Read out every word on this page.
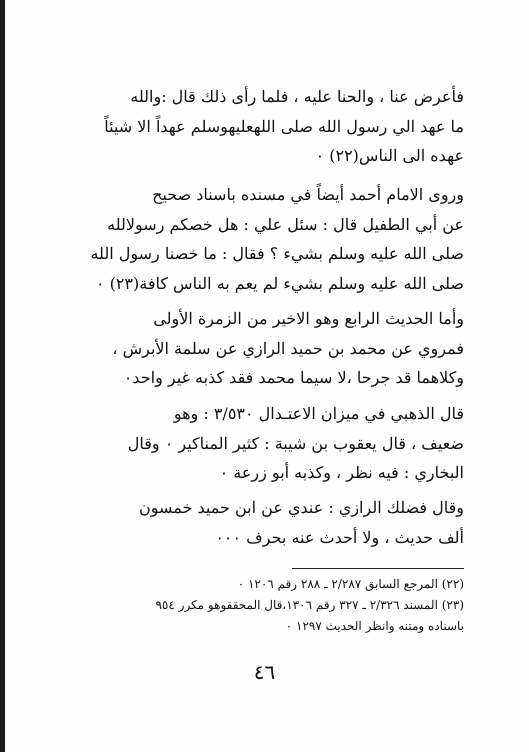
فأعرض عنا ، والحنا عليه ، فلما رأى ذلك قال :والله
ما عهد الي رسول الله صلى اللهعليهوسلم عهداً الا شيئاً
عهده الى الناس(٢٢) ٠
وروى الامام أحمد أيضاً في مسنده باسناد صحيح
عن أبي الطفيل قال : سئل علي : هل خصكم رسولالله
صلى الله عليه وسلم بشيء ؟ فقال : ما خصنا رسول الله
صلى الله عليه وسلم بشيء لم يعم به الناس كافة(٢٣) ٠
وأما الحديث الرابع وهو الاخير من الزمرة الأولى
فمروي عن محمد بن حميد الرازي عن سلمة الأبرش ،
وكلاهما قد جرحا ،لا سيما محمد فقد كذبه غير واحد٠
قال الذهبي في ميزان الاعتـدال ٣/٥٣٠ : وهو
ضعيف ، قال يعقوب بن شيبة : كثير المناكير ٠ وقال
البخاري : فيه نظر ، وكذبه أبو زرعة ٠
وقال فضلك الرازي : عندي عن ابن حميد خمسون
ألف حديث ، ولا أحدث عنه بحرف ٠٠٠
(٢٢) المرجع السابق ٢/٢٨٧ ـ ٢٨٨ رقم ١٢٠٦ ٠
(٢٣) المسند ٢/٣٢٦ ـ ٣٢٧ رقم ١٣٠٦،قال المحققوهو مكرر ٩٥٤
باسناده ومتنه وانظر الحديث ١٢٩٧ ٠
٤٦
